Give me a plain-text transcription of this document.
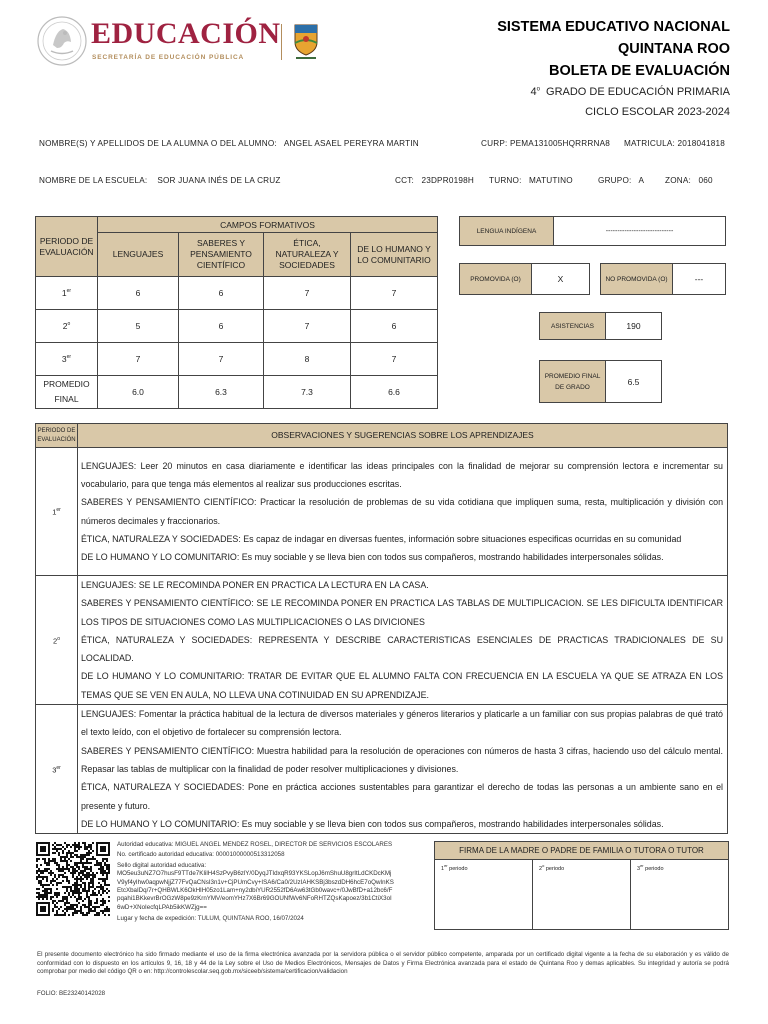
EDUCACIÓN
SECRETARÍA DE EDUCACIÓN PÚBLICA
SISTEMA EDUCATIVO NACIONAL
QUINTANA ROO
BOLETA DE EVALUACIÓN
4$^o$ GRADO DE EDUCACIÓN PRIMARIA
CICLO ESCOLAR 2023-2024
NOMBRE(S) Y APELLIDOS DE LA ALUMNA O DEL ALUMNO: ANGEL ASAEL PEREYRA MARTIN	CURP: PEMA131005HQRRRNA8 MATRICULA: 2018041818
NOMBRE DE LA ESCUELA: SOR JUANA INÉS DE LA CRUZ	CCT: 23DPR0198H TURNO: MATUTINO	GRUPO: A	ZONA: 060
PERIODO DE EVALUACIÓN	CAMPOS FORMATIVOS			
	LENGUAJES	SABERES Y PENSAMIENTO CIENTÍFICO	ÉTICA, NATURALEZA Y SOCIEDADES	DE LO HUMANO Y LO COMUNITARIO
1er	6	6	7	7
2$^o$	5	6	7	6
3er	7	7	8	7
PROMEDIO FINAL	6.0	6.3	7.3	6.6
LENGUA INDÍGENA	-----------------------------
PROMOVIDA (O)	X	NO PROMOVIDA (O)	---
ASISTENCIAS	190
PROMEDIO FINAL DE GRADO
6.5
PERIODO DE EVALUACIÓN	OBSERVACIONES Y SUGERENCIAS SOBRE LOS APRENDIZAJES
1er	LENGUAJES: Leer 20 minutos en casa diariamente e identificar las ideas principales con la finalidad de mejorar su comprensión lectora e incrementar su vocabulario, para que tenga más elementos al realizar sus producciones escritas.
SABERES Y PENSAMIENTO CIENTÍFICO: Practicar la resolución de problemas de su vida cotidiana que impliquen suma, resta, multiplicación y división con números decimales y fraccionarios.
ÉTICA, NATURALEZA Y SOCIEDADES: Es capaz de indagar en diversas fuentes, información sobre situaciones especificas ocurridas en su comunidad
DE LO HUMANO Y LO COMUNITARIO: Es muy sociable y se lleva bien con todos sus compañeros, mostrando habilidades interpersonales sólidas.

2$^o$	LENGUAJES: SE LE RECOMINDA PONER EN PRACTICA LA LECTURA EN LA CASA.
SABERES Y PENSAMIENTO CIENTÍFICO: SE LE RECOMINDA PONER EN PRACTICA LAS TABLAS DE MULTIPLICACION. SE LES DIFICULTA IDENTIFICAR LOS TIPOS DE SITUACIONES COMO LAS MULTIPLICACIONES O LAS DIVICIONES
ÉTICA, NATURALEZA Y SOCIEDADES: REPRESENTA Y DESCRIBE CARACTERISTICAS ESENCIALES DE PRACTICAS TRADICIONALES DE SU LOCALIDAD.
DE LO HUMANO Y LO COMUNITARIO: TRATAR DE EVITAR QUE EL ALUMNO FALTA CON FRECUENCIA EN LA ESCUELA YA QUE SE ATRAZA EN LOS TEMAS QUE SE VEN EN AULA, NO LLEVA UNA COTINUIDAD EN SU APRENDIZAJE.

3er	LENGUAJES: Fomentar la práctica habitual de la lectura de diversos materiales y géneros literarios y platicarle a un familiar con sus propias palabras de qué trató el texto leído, con el objetivo de fortalecer su comprensión lectora.
SABERES Y PENSAMIENTO CIENTÍFICO: Muestra habilidad para la resolución de operaciones con números de hasta 3 cifras, haciendo uso del cálculo mental. Repasar las tablas de multiplicar con la finalidad de poder resolver multiplicaciones y divisiones.
ÉTICA, NATURALEZA Y SOCIEDADES: Pone en práctica acciones sustentables para garantizar el derecho de todas las personas a un ambiente sano en el presente y futuro.
DE LO HUMANO Y LO COMUNITARIO: Es muy sociable y se lleva bien con todos sus compañeros, mostrando habilidades interpersonales sólidas.
Autoridad educativa: MIGUEL ANGEL MENDEZ ROSEL, DIRECTOR DE SERVICIOS ESCOLARES
No. certificado autoridad educativa: 00001000000513312058
Sello digital autoridad educativa:
MO5eu3uNZ7O7husF9TTde7KIilH4SzPvyB6zlY/0DyqJTIdxqR93YKSLopJ6mShuU8grItLdCKDcKMjV9yf4yIhw0aqpwNjjZ77FvQaCNsI3n1v+CjPUmCvy+ISA6/Ca0/2UzIAHKSBj3bszdDH6hcE7oQwInKSEtcXbaIDq/7r+QHBWLK6OkHIH05zo1Lam+ny2dbiYUR2552fD6Aw63tGb0wavc+/0JwBfD+a12bc6/Fpqahi1BKkevrBrOGzW8pe9zKrnYMV/eomYHz7X6Br69GOUNfWv6NFoRHTZQsKapoez/3b1CtiX3oI6wD+XNoIecfqLPAb5ikKWZjg==
Lugar y fecha de expedición: TULUM, QUINTANA ROO, 16/07/2024
FIRMA DE LA MADRE O PADRE DE FAMILIA O TUTORA O TUTOR
1er periodo	2$^o$ periodo	3er periodo
El presente documento electrónico ha sido firmado mediante el uso de la firma electrónica avanzada por la servidora pública o el servidor público competente, amparada por un certificado digital vigente a la fecha de su elaboración y es válido de conformidad con lo dispuesto en los artículos 9, 16, 18 y 44 de la Ley sobre el Uso de Medios Electrónicos, Mensajes de Datos y Firma Electrónica avanzada para el estado de Quintana Roo y demas aplicables. Su integridad y autoría se podrá comprobar por medio del código QR o en: http://controlescolar.seq.gob.mx/siceeb/sistema/certificacion/validacion
FOLIO: BE23240142028
